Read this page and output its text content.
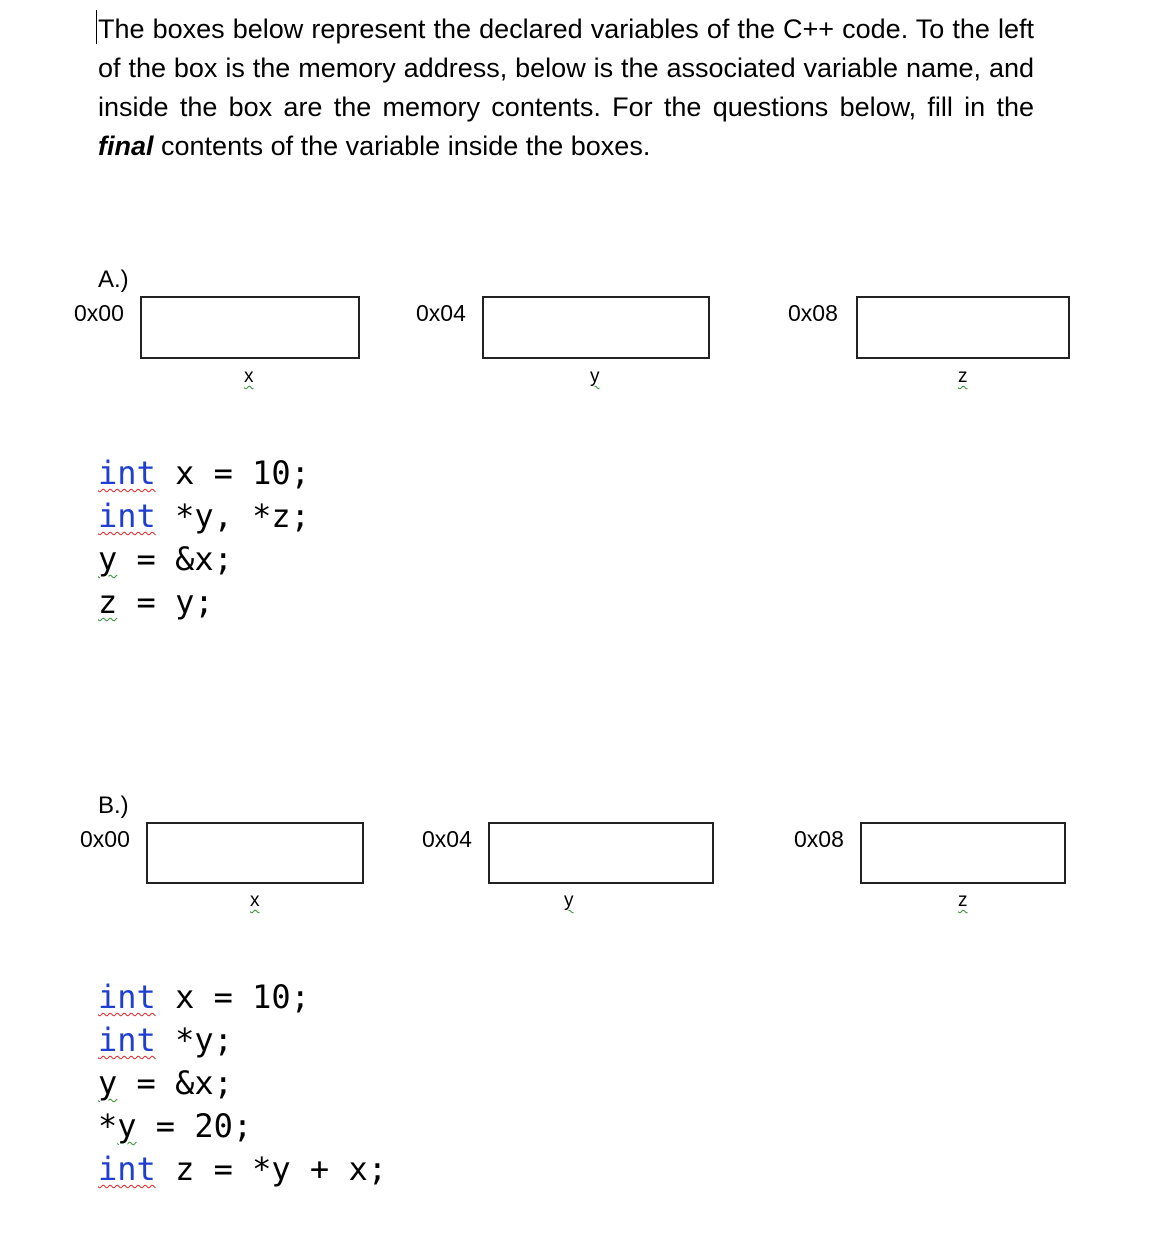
The boxes below represent the declared variables of the C++ code. To the left of the box is the memory address, below is the associated variable name, and inside the box are the memory contents. For the questions below, fill in the final contents of the variable inside the boxes.

A.)
0x00
x
0x04
y
0x08
z
int x = 10;
int *y, *z;
y = &x;
z = y;
B.)
0x00
x
0x04
y
0x08
z
int x = 10;
int *y;
y = &x;
*y = 20;
int z = *y + x;
